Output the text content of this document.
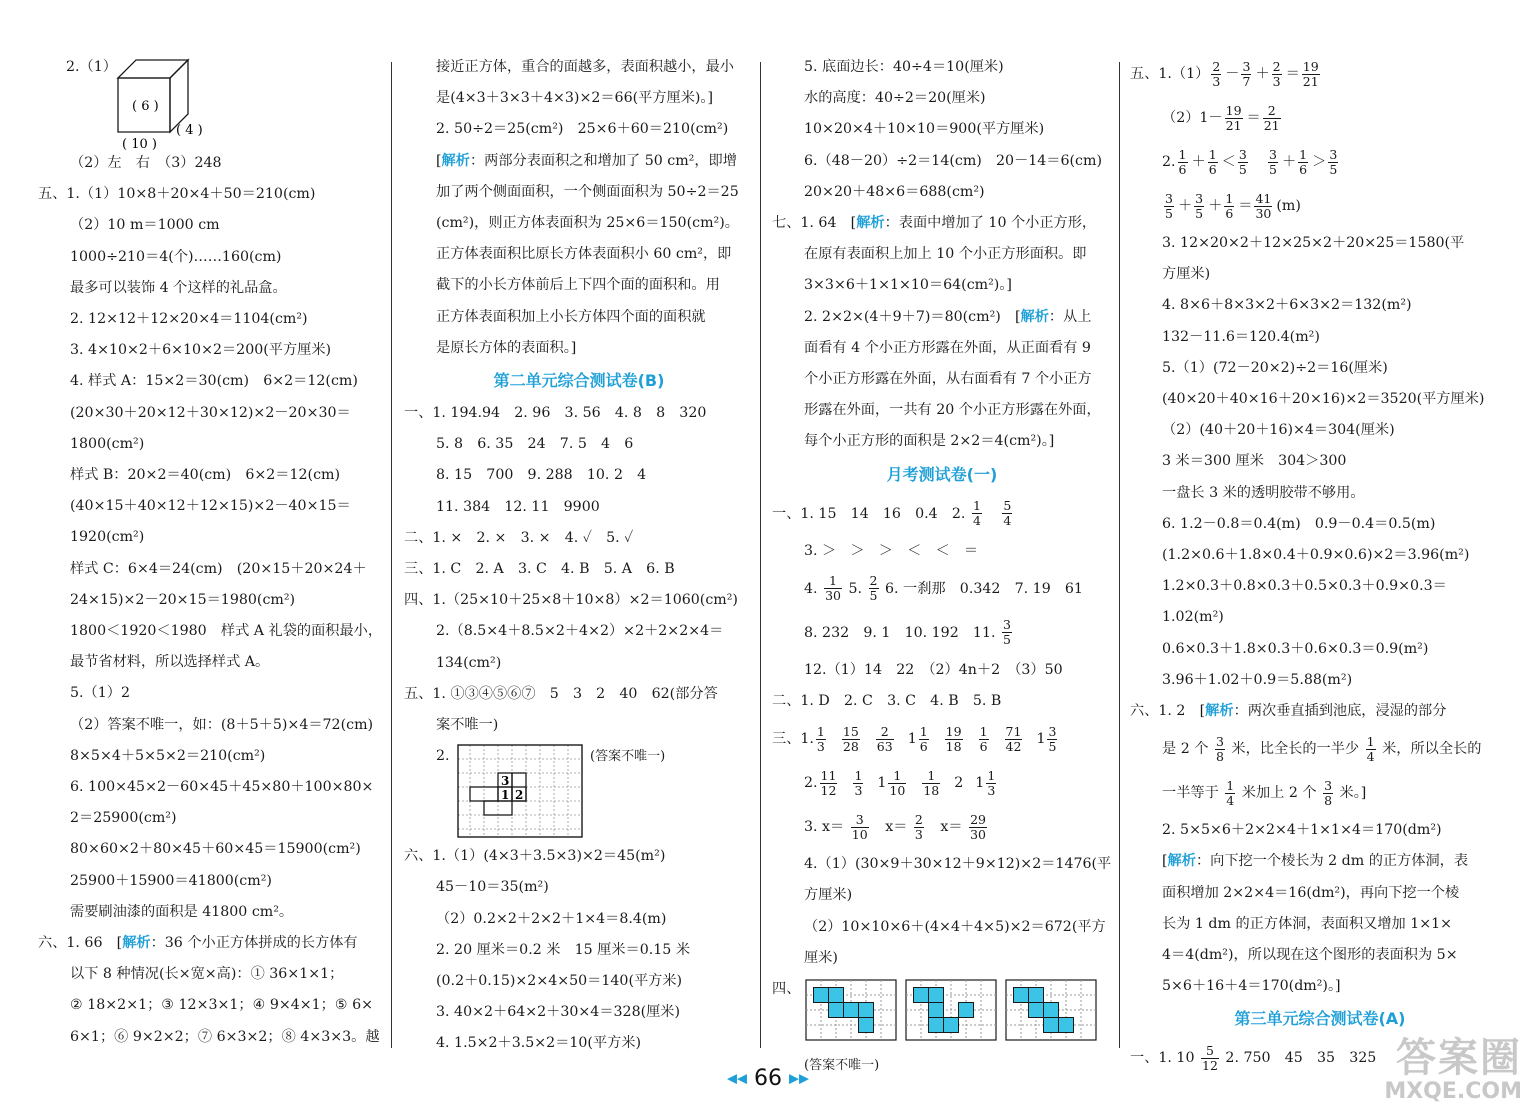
2.（1）
( 6 )
( 10 )
( 4 )
（2）左　右　（3）248
五、1.（1）10×8＋20×4＋50＝210(cm)
（2）10 m＝1000 cm
1000÷210＝4(个)……160(cm)
最多可以装饰 4 个这样的礼品盒。
2. 12×12＋12×20×4＝1104(cm²)
3. 4×10×2＋6×10×2＝200(平方厘米)
4. 样式 A：15×2＝30(cm)　6×2＝12(cm)
(20×30＋20×12＋30×12)×2－20×30＝
1800(cm²)
样式 B：20×2＝40(cm)　6×2＝12(cm)
(40×15＋40×12＋12×15)×2－40×15＝
1920(cm²)
样式 C：6×4＝24(cm)　(20×15＋20×24＋
24×15)×2－20×15＝1980(cm²)
1800＜1920＜1980　样式 A 礼袋的面积最小，
最节省材料，所以选择样式 A。
5.（1）2
（2）答案不唯一，如：(8＋5＋5)×4＝72(cm)
8×5×4＋5×5×2＝210(cm²)
6. 100×45×2－60×45＋45×80＋100×80×
2＝25900(cm²)
80×60×2＋80×45＋60×45＝15900(cm²)
25900＋15900＝41800(cm²)
需要刷油漆的面积是 41800 cm²。
六、1. 66　[解析：36 个小正方体拼成的长方体有
以下 8 种情况(长×宽×高)：① 36×1×1；
② 18×2×1；③ 12×3×1；④ 9×4×1；⑤ 6×
6×1；⑥ 9×2×2；⑦ 6×3×2；⑧ 4×3×3。越
接近正方体，重合的面越多，表面积越小，最小
是(4×3＋3×3＋4×3)×2＝66(平方厘米)。]
2. 50÷2＝25(cm²)　25×6＋60＝210(cm²)
[解析：两部分表面积之和增加了 50 cm²，即增
加了两个侧面面积，一个侧面面积为 50÷2＝25
(cm²)，则正方体表面积为 25×6＝150(cm²)。
正方体表面积比原长方体表面积小 60 cm²，即
截下的小长方体前后上下四个面的面积和。用
正方体表面积加上小长方体四个面的面积就
是原长方体的表面积。]
第二单元综合测试卷(B)
一、1. 194.94　2. 96　3. 56　4. 8　8　320
5. 8　6. 35　24　7. 5　4　6
8. 15　700　9. 288　10. 2　4
11. 384　12. 11　9900
二、1. ×　2. ×　3. ×　4. ✓　5. ✓
三、1. C　2. A　3. C　4. B　5. A　6. B
四、1.（25×10＋25×8＋10×8）×2＝1060(cm²)
2.（8.5×4＋8.5×2＋4×2）×2＋2×2×4＝
134(cm²)
五、1. ①③④⑤⑥⑦　5　3　2　40　62(部分答
案不唯一)
2.
3
1 2
(答案不唯一)
六、1.（1）(4×3＋3.5×3)×2＝45(m²)
45－10＝35(m²)
（2）0.2×2＋2×2＋1×4＝8.4(m)
2. 20 厘米＝0.2 米　15 厘米＝0.15 米
(0.2＋0.15)×2×4×50＝140(平方米)
3. 40×2＋64×2＋30×4＝328(厘米)
4. 1.5×2＋3.5×2＝10(平方米)
5. 底面边长：40÷4＝10(厘米)
水的高度：40÷2＝20(厘米)
10×20×4＋10×10＝900(平方厘米)
6.（48－20）÷2＝14(cm)　20－14＝6(cm)
20×20＋48×6＝688(cm²)
七、1. 64　[解析：表面中增加了 10 个小正方形，
在原有表面积上加上 10 个小正方形面积。即
3×3×6＋1×1×10＝64(cm²)。]
2. 2×2×(4＋9＋7)＝80(cm²)　[解析：从上
面看有 4 个小正方形露在外面，从正面看有 9
个小正方形露在外面，从右面看有 7 个小正方
形露在外面，一共有 20 个小正方形露在外面，
每个小正方形的面积是 2×2＝4(cm²)。]
月考测试卷(一)
一、1. 15　14　16　0.4　2. $\frac{1}{4}$
$\frac{5}{4}$
3. ＞　＞　＞　＜　＜　＝
4. $\frac{1}{30} 5$. $\frac{2}{5} 6$. 一刹那　0.342　7. 19　61
8. 232　9. 1　10. 192　11. $\frac{3}{5}$
12.（1）14　22　（2）4n＋2　（3）50
二、1. D　2. C　3. C　4. B　5. B
三、1. $\frac{1}{3} \frac{15}{28} \frac{2}{63} 1 \frac{1}{6} \frac{19}{18} \frac{1}{6} \frac{71}{42} 1 \frac{3}{5}$
2. $\frac{11}{12} \frac{1}{3} 1 \frac{1}{10} \frac{1}{18} 2$ $1 \frac{1}{3}$
3. $x= \frac{3}{10} x= \frac{2}{3} x= \frac{29}{30}$
4.（1）(30×9＋30×12＋9×12)×2＝1476(平
方厘米)
（2）10×10×6＋(4×4＋4×5)×2＝672(平方
厘米)
四、
(答案不唯一)
五、$1.(1) \frac{2}{3} - \frac{3}{7} + \frac{2}{3} = \frac{19}{21}$
$(2)1- \frac{19}{21} = \frac{2}{21}$
2. $\frac{1}{6} + \frac{1}{6} < \frac{3}{5}$
　 $\frac{3}{5} + \frac{1}{6} > \frac{3}{5}$
$\frac{3}{5} + \frac{3}{5} + \frac{1}{6} = \frac{41}{30} (m)$
3. 12×20×2＋12×25×2＋20×25＝1580(平
方厘米)
4. 8×6＋8×3×2＋6×3×2＝132(m²)
132－11.6＝120.4(m²)
5.（1）(72－20×2)÷2＝16(厘米)
(40×20＋40×16＋20×16)×2＝3520(平方厘米)
（2）(40＋20＋16)×4＝304(厘米)
3 米＝300 厘米　304＞300
一盘长 3 米的透明胶带不够用。
6. 1.2－0.8＝0.4(m)　0.9－0.4＝0.5(m)
(1.2×0.6＋1.8×0.4＋0.9×0.6)×2＝3.96(m²)
1.2×0.3＋0.8×0.3＋0.5×0.3＋0.9×0.3＝
1.02(m²)
0.6×0.3＋1.8×0.3＋0.6×0.3＝0.9(m²)
3.96＋1.02＋0.9＝5.88(m²)
六、1. 2　[解析：两次垂直插到池底，浸湿的部分
是 2 个 $\frac{3}{8}$ 米，比全长的一半少 $\frac{1}{4}$ 米，所以全长的
一半等于 $\frac{1}{4}$ 米加上 2 个 $\frac{3}{8}$ 米。]
2. 5×5×6＋2×2×4＋1×1×4＝170(dm²)
[解析：向下挖一个棱长为 2 dm 的正方体洞，表
面积增加 2×2×4＝16(dm²)，再向下挖一个棱
长为 1 dm 的正方体洞，表面积又增加 1×1×
4＝4(dm²)，所以现在这个图形的表面积为 5×
5×6＋16＋4＝170(dm²)。]
第三单元综合测试卷(A)
一、1. $10 \frac{5}{12} 2$. 750　45　35　325
◀◀ 66 ▶▶	答案圈
MXQE.COM
